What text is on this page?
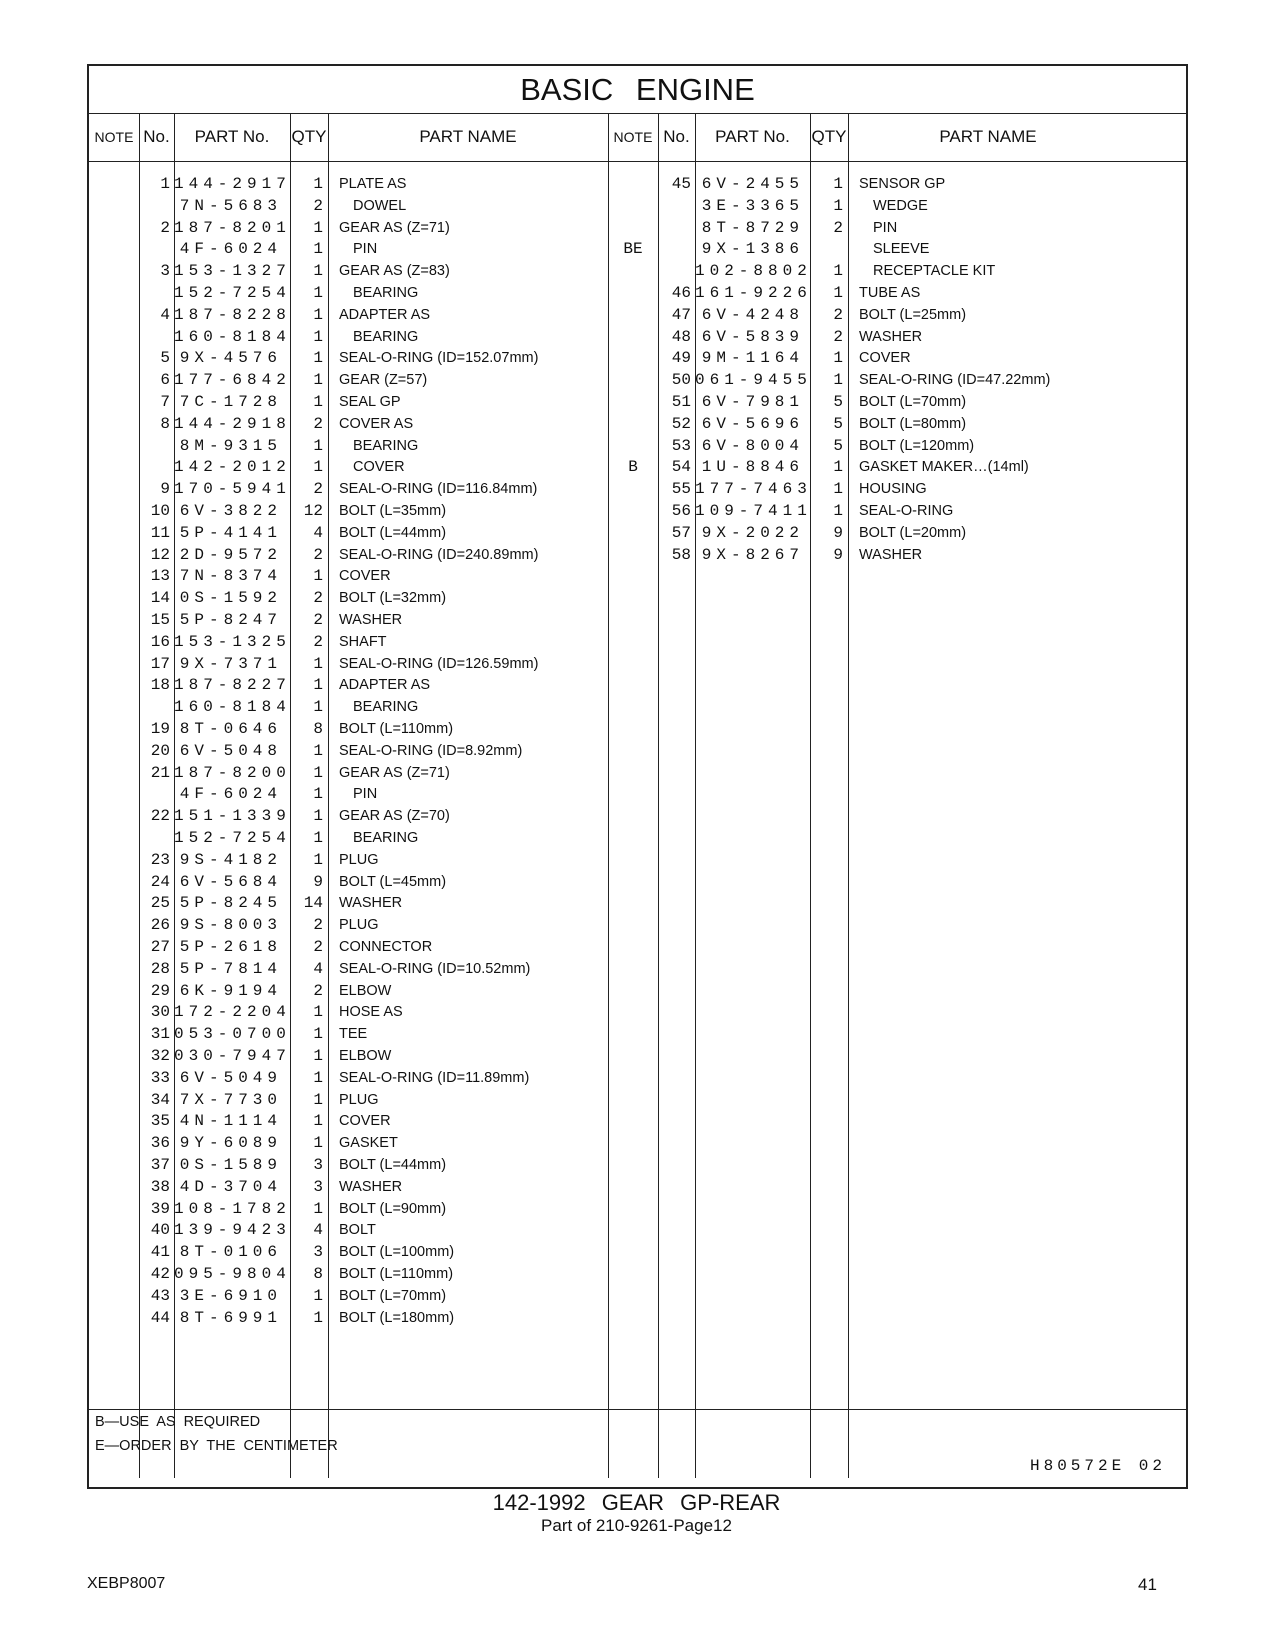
BASIC ENGINE
NOTE No.	PART No.	QTY	PART NAME	NOTE No.	PART No.	QTY	PART NAME
1 144-2917	1 PLATE AS
7N-5683	2 DOWEL
2 187-8201	1 GEAR AS (Z=71)
4F-6024	1 PIN
3 153-1327	1 GEAR AS (Z=83)
152-7254	1 BEARING
4 187-8228	1 ADAPTER AS
160-8184	1 BEARING
5 9X-4576	1 SEAL-O-RING (ID=152.07mm)
6 177-6842	1 GEAR (Z=57)
7 7C-1728	1 SEAL GP
8 144-2918	2 COVER AS
8M-9315	1 BEARING
142-2012	1 COVER
9 170-5941	2 SEAL-O-RING (ID=116.84mm)
10 6V-3822	12 BOLT (L=35mm)
11 5P-4141	4 BOLT (L=44mm)
12 2D-9572	2 SEAL-O-RING (ID=240.89mm)
13 7N-8374	1 COVER
14 0S-1592	2 BOLT (L=32mm)
15 5P-8247	2 WASHER
16 153-1325	2 SHAFT
17 9X-7371	1 SEAL-O-RING (ID=126.59mm)
18 187-8227	1 ADAPTER AS
160-8184	1 BEARING
19 8T-0646	8 BOLT (L=110mm)
20 6V-5048	1 SEAL-O-RING (ID=8.92mm)
21 187-8200	1 GEAR AS (Z=71)
4F-6024	1 PIN
22 151-1339	1 GEAR AS (Z=70)
152-7254	1 BEARING
23 9S-4182	1 PLUG
24 6V-5684	9 BOLT (L=45mm)
25 5P-8245	14 WASHER
26 9S-8003	2 PLUG
27 5P-2618	2 CONNECTOR
28 5P-7814	4 SEAL-O-RING (ID=10.52mm)
29 6K-9194	2 ELBOW
30 172-2204	1 HOSE AS
31 053-0700	1 TEE
32 030-7947	1 ELBOW
33 6V-5049	1 SEAL-O-RING (ID=11.89mm)
34 7X-7730	1 PLUG
35 4N-1114	1 COVER
36 9Y-6089	1 GASKET
37 0S-1589	3 BOLT (L=44mm)
38 4D-3704	3 WASHER
39 108-1782	1 BOLT (L=90mm)
40 139-9423	4 BOLT
41 8T-0106	3 BOLT (L=100mm)
42 095-9804	8 BOLT (L=110mm)
43 3E-6910	1 BOLT (L=70mm)
44 8T-6991	1 BOLT (L=180mm)
45 6V-2455	1 SENSOR GP
3E-3365	1 WEDGE
8T-8729	2 PIN
BE	9X-1386	SLEEVE
102-8802	1 RECEPTACLE KIT
46 161-9226	1 TUBE AS
47 6V-4248	2 BOLT (L=25mm)
48 6V-5839	2 WASHER
49 9M-1164	1 COVER
50 061-9455	1 SEAL-O-RING (ID=47.22mm)
51 6V-7981	5 BOLT (L=70mm)
52 6V-5696	5 BOLT (L=80mm)
53 6V-8004	5 BOLT (L=120mm)
B	54 1U-8846	1 GASKET MAKER…(14ml)
55 177-7463	1 HOUSING
56 109-7411	1 SEAL-O-RING
57 9X-2022	9 BOLT (L=20mm)
58 9X-8267	9 WASHER
B—USE AS REQUIRED
E—ORDER BY THE CENTIMETER
H80572E 02
142-1992 GEAR GP-REAR
Part of 210-9261-Page12
XEBP8007	41
